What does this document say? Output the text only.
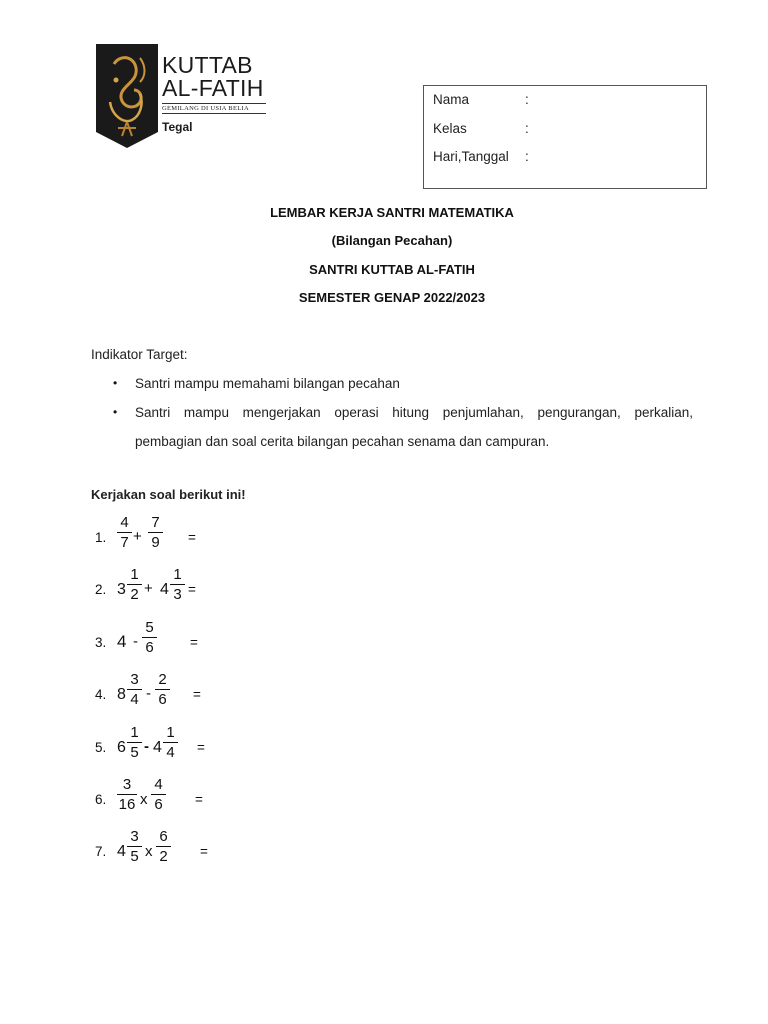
KUTTAB
AL-FATIH
GEMILANG DI USIA BELIA
Tegal
Nama	:
Kelas	:
Hari,Tanggal :
LEMBAR KERJA SANTRI MATEMATIKA
(Bilangan Pecahan)
SANTRI KUTTAB AL-FATIH
SEMESTER GENAP 2022/2023
Indikator Target:
• Santri mampu memahami bilangan pecahan
• Santri mampu mengerjakan operasi hitung penjumlahan, pengurangan, perkalian,
pembagian dan soal cerita bilangan pecahan senama dan campuran.
Kerjakan soal berikut ini!
1.
4
7 +
7
9 =
2. 3
1
2 + 4
1
3 =
3. 4 -
5
6	=
4. 8
3
4 -
2
6 =
5. 6
1
5 - 4
1
4 =
6.
3
16 x
4
6 =
7. 4
3
5 x
6
2 =
